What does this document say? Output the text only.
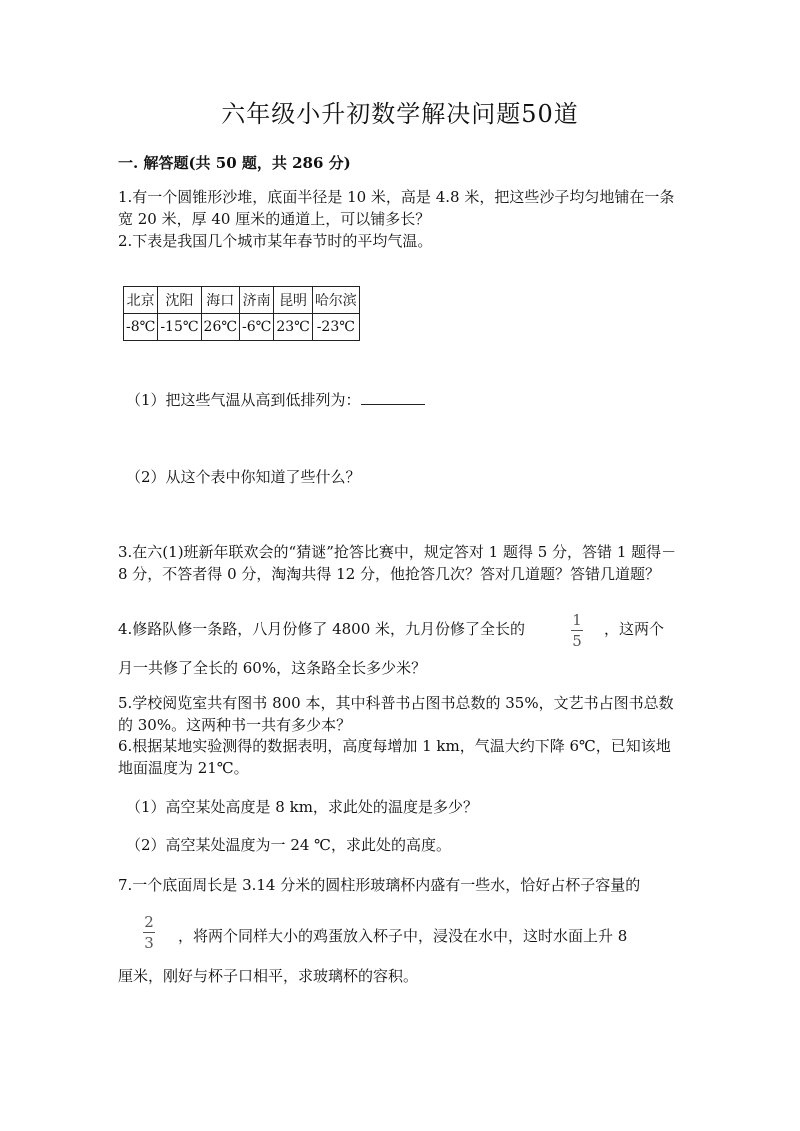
六年级小升初数学解决问题50道
一. 解答题(共 50 题，共 286 分)
1.有一个圆锥形沙堆，底面半径是 10 米，高是 4.8 米，把这些沙子均匀地铺在一条宽 20 米，厚 40 厘米的通道上，可以铺多长？
2.下表是我国几个城市某年春节时的平均气温。
北京	沈阳	海口	济南	昆明	哈尔滨
-8℃	-15℃	26℃	-6℃	23℃	-23℃
（1）把这些气温从高到低排列为：
（2）从这个表中你知道了些什么？
3.在六(1)班新年联欢会的“猜谜”抢答比赛中，规定答对 1 题得 5 分，答错 1 题得－8 分，不答者得 0 分，淘淘共得 12 分，他抢答几次？答对几道题？答错几道题？
4.修路队修一条路，八月份修了 4800 米，九月份修了全长的	1
5
，这两个
月一共修了全长的 60%，这条路全长多少米？
5.学校阅览室共有图书 800 本，其中科普书占图书总数的 35%，文艺书占图书总数的 30%。这两种书一共有多少本？
6.根据某地实验测得的数据表明，高度每增加 1 km，气温大约下降 6℃，已知该地地面温度为 21℃。
（1）高空某处高度是 8 km，求此处的温度是多少？
（2）高空某处温度为一 24 ℃，求此处的高度。
7.一个底面周长是 3.14 分米的圆柱形玻璃杯内盛有一些水，恰好占杯子容量的
2
3 ，将两个同样大小的鸡蛋放入杯子中，浸没在水中，这时水面上升 8
厘米，刚好与杯子口相平，求玻璃杯的容积。
